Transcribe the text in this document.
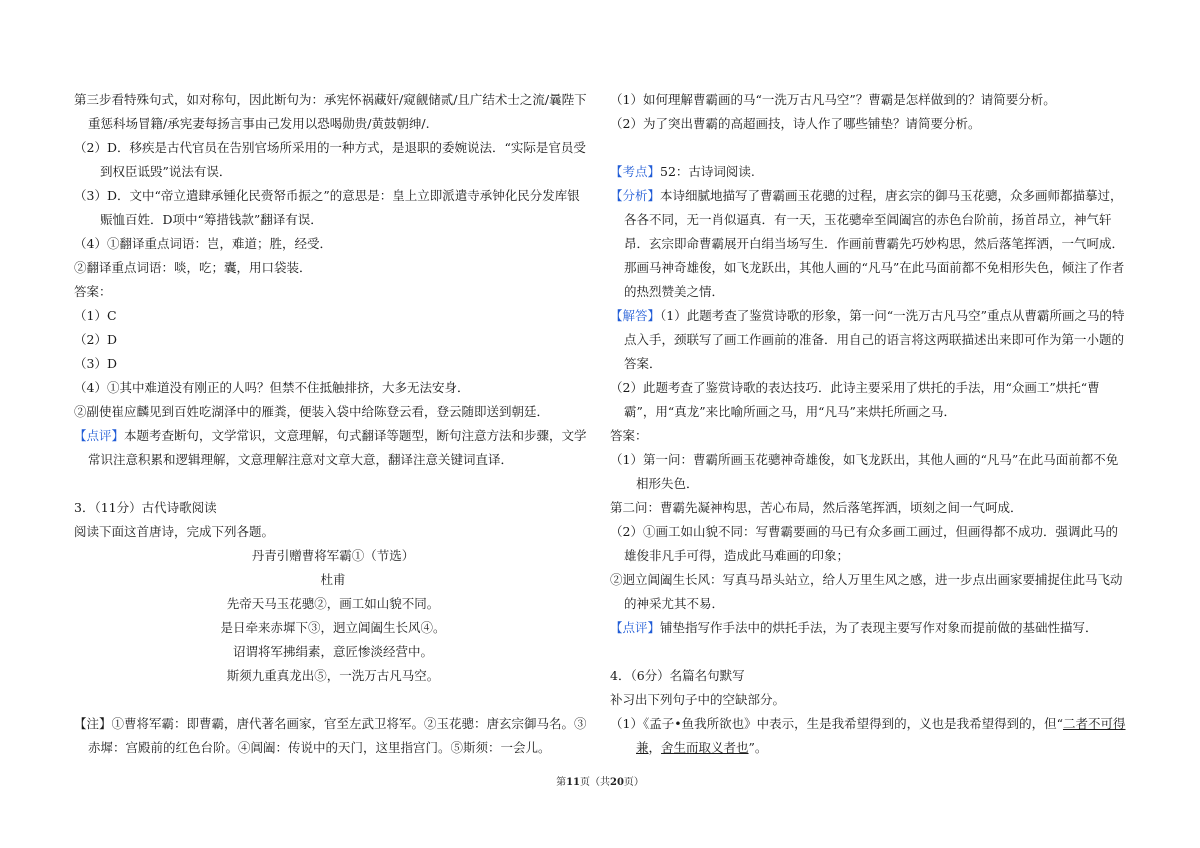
第三步看特殊句式，如对称句，因此断句为：承宪怀祸藏奸/窥觎储贰/且广结术士之流/曩陛下重惩科场冒籍/承宪妻每扬言事由己发用以恐喝勋贵/黄鼓朝绅/.

（2）D．移疾是古代官员在告别官场所采用的一种方式，是退职的委婉说法．“实际是官员受到权臣诋毁”说法有误．

（3）D．文中“帝立遣肆承锺化民赍帑币振之”的意思是：皇上立即派遣寺承钟化民分发库银赈恤百姓．D项中“筹措钱款”翻译有误．

（4）①翻译重点词语：岂，难道；胜，经受．

②翻译重点词语：啖，吃；囊，用口袋装．

答案：

（1）C

（2）D

（3）D

（4）①其中难道没有刚正的人吗？但禁不住抵触排挤，大多无法安身．

②副使崔应麟见到百姓吃湖泽中的雁粪，便装入袋中给陈登云看，登云随即送到朝廷．

【点评】本题考查断句，文学常识，文意理解，句式翻译等题型，断句注意方法和步骤，文学常识注意积累和逻辑理解，文意理解注意对文章大意，翻译注意关键词直译．

3．（11分）古代诗歌阅读

阅读下面这首唐诗，完成下列各题。

丹青引赠曹将军霸①（节选）

杜甫

先帝天马玉花骢②，画工如山貌不同。

是日牵来赤墀下③，迥立阊阖生长风④。

诏谓将军拂绢素，意匠惨淡经营中。

斯须九重真龙出⑤，一洗万古凡马空。

【注】①曹将军霸：即曹霸，唐代著名画家，官至左武卫将军。②玉花骢：唐玄宗御马名。③赤墀：宫殿前的红色台阶。④阊阖：传说中的天门，这里指宫门。⑤斯须：一会儿。

（1）如何理解曹霸画的马“一洗万古凡马空”？曹霸是怎样做到的？请简要分析。

（2）为了突出曹霸的高超画技，诗人作了哪些铺垫？请简要分析。

【考点】52：古诗词阅读.

【分析】本诗细腻地描写了曹霸画玉花骢的过程，唐玄宗的御马玉花骢，众多画师都描摹过，各各不同，无一肖似逼真．有一天，玉花骢牵至阊阖宫的赤色台阶前，扬首昂立，神气轩昂．玄宗即命曹霸展开白绢当场写生．作画前曹霸先巧妙构思，然后落笔挥洒，一气呵成．那画马神奇雄俊，如飞龙跃出，其他人画的“凡马”在此马面前都不免相形失色，倾注了作者的热烈赞美之情．

【解答】（1）此题考查了鉴赏诗歌的形象，第一问“一洗万古凡马空”重点从曹霸所画之马的特点入手，颈联写了画工作画前的准备．用自己的语言将这两联描述出来即可作为第一小题的答案．

（2）此题考查了鉴赏诗歌的表达技巧．此诗主要采用了烘托的手法，用“众画工”烘托“曹霸”，用“真龙”来比喻所画之马，用“凡马”来烘托所画之马．

答案：

（1）第一问：曹霸所画玉花骢神奇雄俊，如飞龙跃出，其他人画的“凡马”在此马面前都不免相形失色．

第二问：曹霸先凝神构思，苦心布局，然后落笔挥洒，顷刻之间一气呵成．

（2）①画工如山貌不同：写曹霸要画的马已有众多画工画过，但画得都不成功．强调此马的雄俊非凡手可得，造成此马难画的印象；

②迥立阊阖生长风：写真马昂头站立，给人万里生风之感，进一步点出画家要捕捉住此马飞动的神采尤其不易．

【点评】铺垫指写作手法中的烘托手法，为了表现主要写作对象而提前做的基础性描写．

4．（6分）名篇名句默写

补习出下列句子中的空缺部分。

（1）《孟子•鱼我所欲也》中表示，生是我希望得到的，义也是我希望得到的，但“二者不可得兼，舍生而取义者也”。

第11页（共20页）
